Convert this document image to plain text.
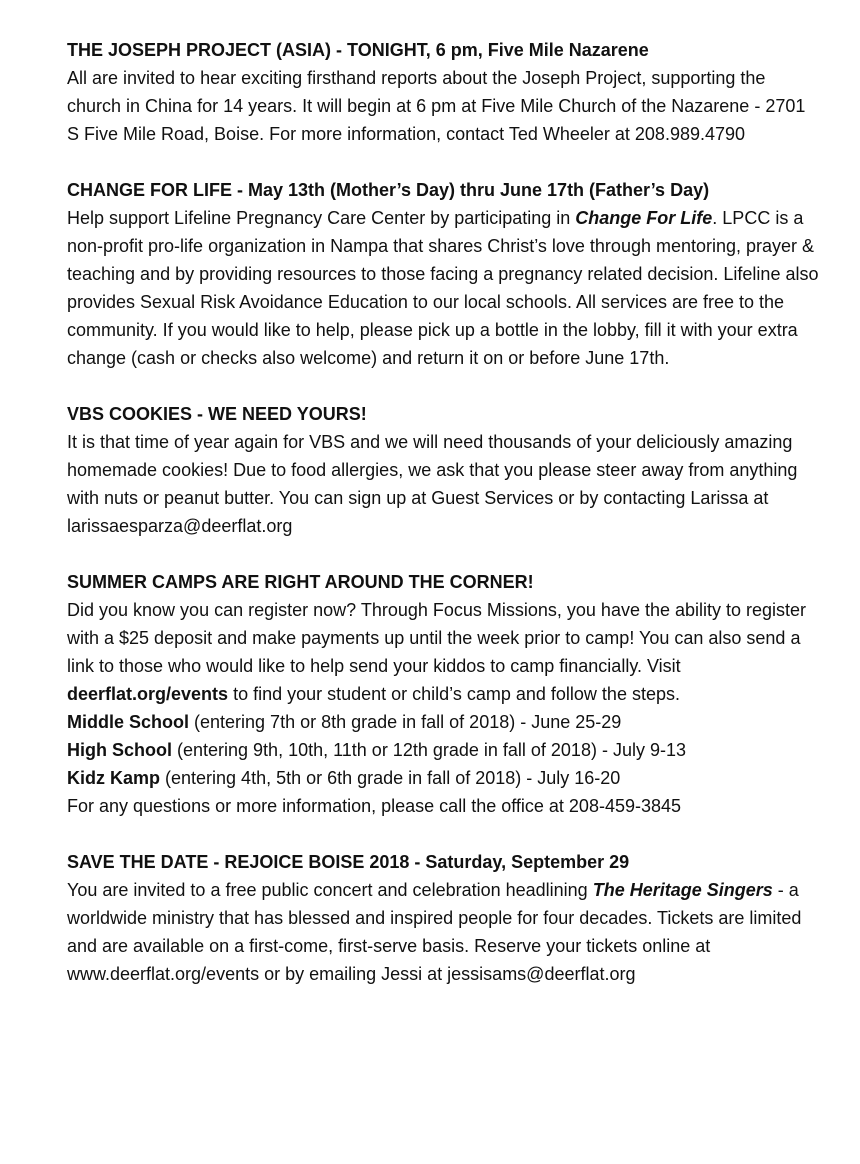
THE JOSEPH PROJECT (ASIA) - TONIGHT, 6 pm, Five Mile Nazarene
All are invited to hear exciting firsthand reports about the Joseph Project, supporting the church in China for 14 years. It will begin at 6 pm at Five Mile Church of the Nazarene - 2701 S Five Mile Road, Boise. For more information, contact Ted Wheeler at 208.989.4790
CHANGE FOR LIFE - May 13th (Mother’s Day) thru June 17th (Father’s Day)
Help support Lifeline Pregnancy Care Center by participating in Change For Life. LPCC is a non-profit pro-life organization in Nampa that shares Christ’s love through mentoring, prayer & teaching and by providing resources to those facing a pregnancy related decision. Lifeline also provides Sexual Risk Avoidance Education to our local schools. All services are free to the community. If you would like to help, please pick up a bottle in the lobby, fill it with your extra change (cash or checks also welcome) and return it on or before June 17th.
VBS COOKIES - WE NEED YOURS!
It is that time of year again for VBS and we will need thousands of your deliciously amazing homemade cookies! Due to food allergies, we ask that you please steer away from anything with nuts or peanut butter. You can sign up at Guest Services or by contacting Larissa at larissaesparza@deerflat.org
SUMMER CAMPS ARE RIGHT AROUND THE CORNER!
Did you know you can register now? Through Focus Missions, you have the ability to register with a $25 deposit and make payments up until the week prior to camp! You can also send a link to those who would like to help send your kiddos to camp financially. Visit deerflat.org/events to find your student or child’s camp and follow the steps.
Middle School (entering 7th or 8th grade in fall of 2018) - June 25-29
High School (entering 9th, 10th, 11th or 12th grade in fall of 2018) - July 9-13
Kidz Kamp (entering 4th, 5th or 6th grade in fall of 2018) - July 16-20
For any questions or more information, please call the office at 208-459-3845
SAVE THE DATE - REJOICE BOISE 2018 - Saturday, September 29
You are invited to a free public concert and celebration headlining The Heritage Singers - a worldwide ministry that has blessed and inspired people for four decades. Tickets are limited and are available on a first-come, first-serve basis. Reserve your tickets online at www.deerflat.org/events or by emailing Jessi at jessisams@deerflat.org
